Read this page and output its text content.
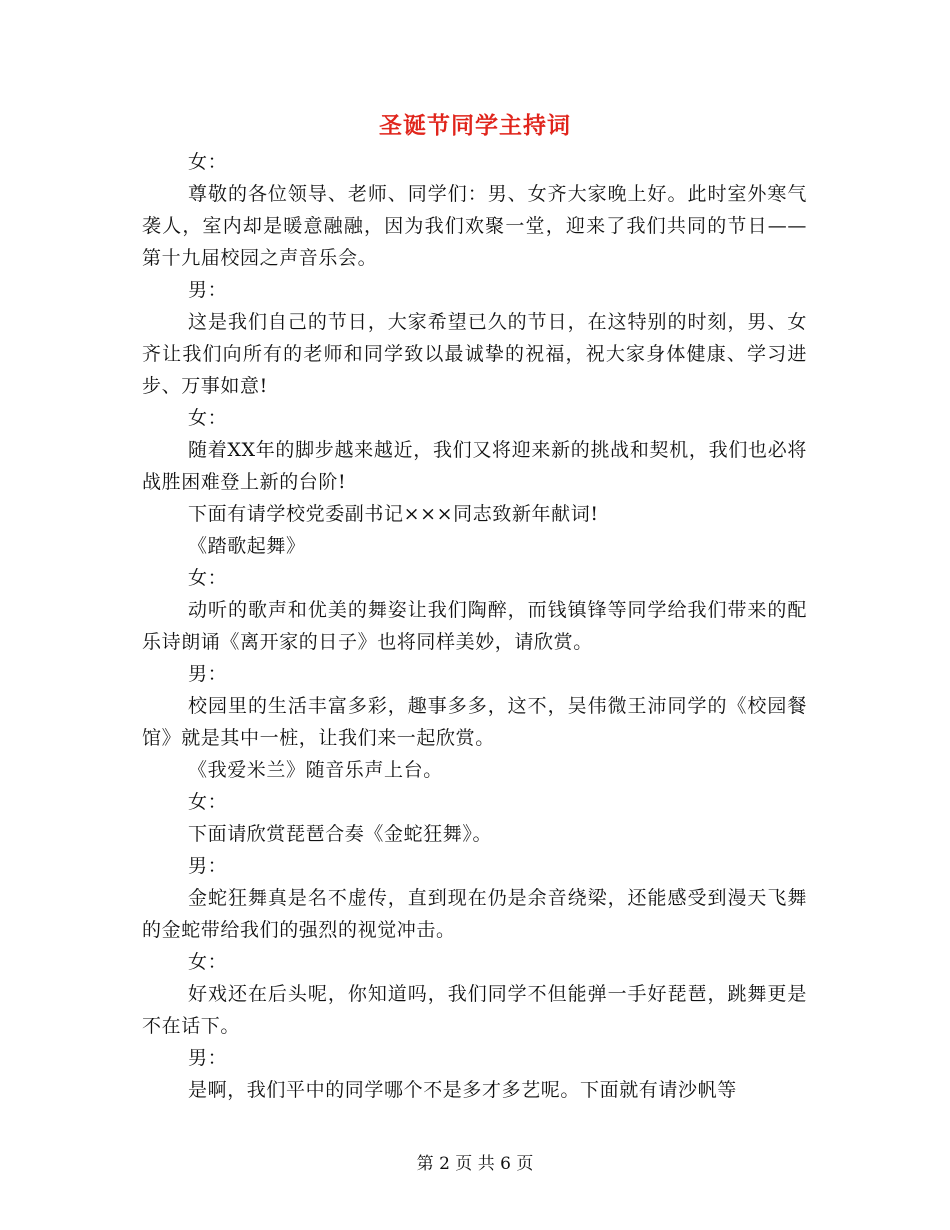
圣诞节同学主持词

女：

尊敬的各位领导、老师、同学们：男、女齐大家晚上好。此时室外寒气袭人，室内却是暖意融融，因为我们欢聚一堂，迎来了我们共同的节日——第十九届校园之声音乐会。

男：

这是我们自己的节日，大家希望已久的节日，在这特别的时刻，男、女齐让我们向所有的老师和同学致以最诚挚的祝福，祝大家身体健康、学习进步、万事如意!

女：

随着XX年的脚步越来越近，我们又将迎来新的挑战和契机，我们也必将战胜困难登上新的台阶!

下面有请学校党委副书记×××同志致新年献词!

《踏歌起舞》

女：

动听的歌声和优美的舞姿让我们陶醉，而钱镇锋等同学给我们带来的配乐诗朗诵《离开家的日子》也将同样美妙，请欣赏。

男：

校园里的生活丰富多彩，趣事多多，这不，吴伟微王沛同学的《校园餐馆》就是其中一桩，让我们来一起欣赏。

《我爱米兰》随音乐声上台。

女：

下面请欣赏琵琶合奏《金蛇狂舞》。

男：

金蛇狂舞真是名不虚传，直到现在仍是余音绕梁，还能感受到漫天飞舞的金蛇带给我们的强烈的视觉冲击。

女：

好戏还在后头呢，你知道吗，我们同学不但能弹一手好琵琶，跳舞更是不在话下。

男：

是啊，我们平中的同学哪个不是多才多艺呢。下面就有请沙帆等

第 2 页 共 6 页
